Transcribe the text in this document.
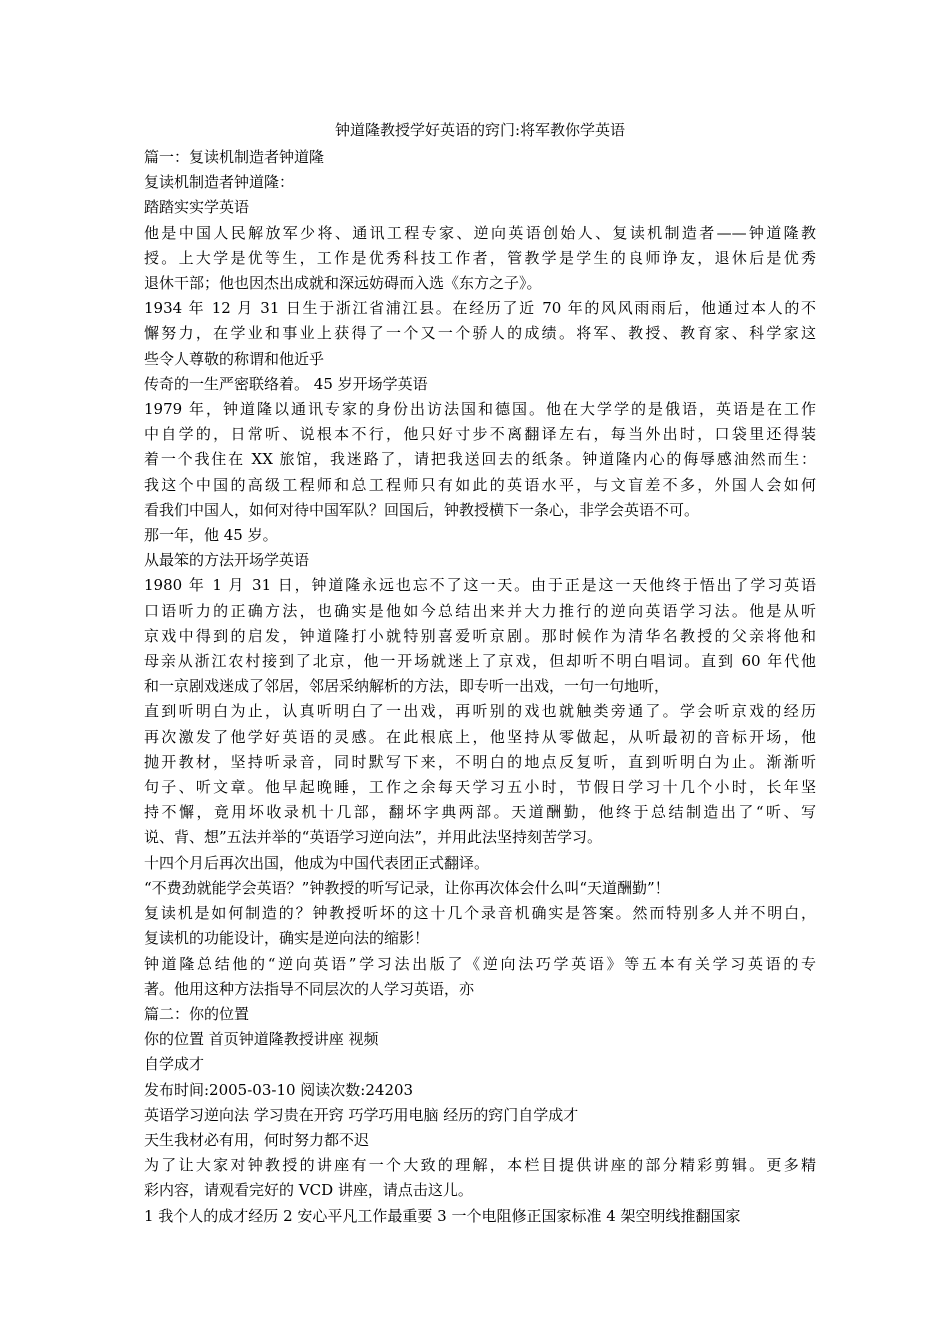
钟道隆教授学好英语的窍门:将军教你学英语

篇一：复读机制造者钟道隆

复读机制造者钟道隆：

踏踏实实学英语

他是中国人民解放军少将、通讯工程专家、逆向英语创始人、复读机制造者——钟道隆教
授。上大学是优等生，工作是优秀科技工作者，管教学是学生的良师诤友，退休后是优秀
退休干部；他也因杰出成就和深远妨碍而入选《东方之子》。

1934 年 12 月 31 日生于浙江省浦江县。在经历了近 70 年的风风雨雨后，他通过本人的不
懈努力，在学业和事业上获得了一个又一个骄人的成绩。将军、教授、教育家、科学家这
些令人尊敬的称谓和他近乎

传奇的一生严密联络着。 45 岁开场学英语

1979 年，钟道隆以通讯专家的身份出访法国和德国。他在大学学的是俄语，英语是在工作
中自学的，日常听、说根本不行，他只好寸步不离翻译左右，每当外出时，口袋里还得装
着一个我住在 XX 旅馆，我迷路了，请把我送回去的纸条。钟道隆内心的侮辱感油然而生：
我这个中国的高级工程师和总工程师只有如此的英语水平，与文盲差不多，外国人会如何
看我们中国人，如何对待中国军队？回国后，钟教授横下一条心，非学会英语不可。

那一年，他 45 岁。

从最笨的方法开场学英语

1980 年 1 月 31 日，钟道隆永远也忘不了这一天。由于正是这一天他终于悟出了学习英语
口语听力的正确方法，也确实是他如今总结出来并大力推行的逆向英语学习法。他是从听
京戏中得到的启发，钟道隆打小就特别喜爱听京剧。那时候作为清华名教授的父亲将他和
母亲从浙江农村接到了北京，他一开场就迷上了京戏，但却听不明白唱词。直到 60 年代他
和一京剧戏迷成了邻居，邻居采纳解析的方法，即专听一出戏，一句一句地听，

直到听明白为止，认真听明白了一出戏，再听别的戏也就触类旁通了。学会听京戏的经历
再次激发了他学好英语的灵感。在此根底上，他坚持从零做起，从听最初的音标开场，他
抛开教材，坚持听录音，同时默写下来，不明白的地点反复听，直到听明白为止。渐渐听
句子、听文章。他早起晚睡，工作之余每天学习五小时，节假日学习十几个小时，长年坚
持不懈，竟用坏收录机十几部，翻坏字典两部。天道酬勤，他终于总结制造出了“听、写
说、背、想”五法并举的“英语学习逆向法”，并用此法坚持刻苦学习。

十四个月后再次出国，他成为中国代表团正式翻译。

“不费劲就能学会英语？”钟教授的听写记录，让你再次体会什么叫“天道酬勤”！

复读机是如何制造的？钟教授听坏的这十几个录音机确实是答案。然而特别多人并不明白，
复读机的功能设计，确实是逆向法的缩影！

钟道隆总结他的“逆向英语”学习法出版了《逆向法巧学英语》等五本有关学习英语的专
著。他用这种方法指导不同层次的人学习英语，亦

篇二：你的位置

你的位置 首页钟道隆教授讲座 视频

自学成才

发布时间:2005-03-10 阅读次数:24203

英语学习逆向法 学习贵在开窍 巧学巧用电脑 经历的窍门自学成才

天生我材必有用，何时努力都不迟

为了让大家对钟教授的讲座有一个大致的理解，本栏目提供讲座的部分精彩剪辑。更多精
彩内容，请观看完好的 VCD 讲座，请点击这儿。

1 我个人的成才经历 2 安心平凡工作最重要 3 一个电阻修正国家标准 4 架空明线推翻国家
